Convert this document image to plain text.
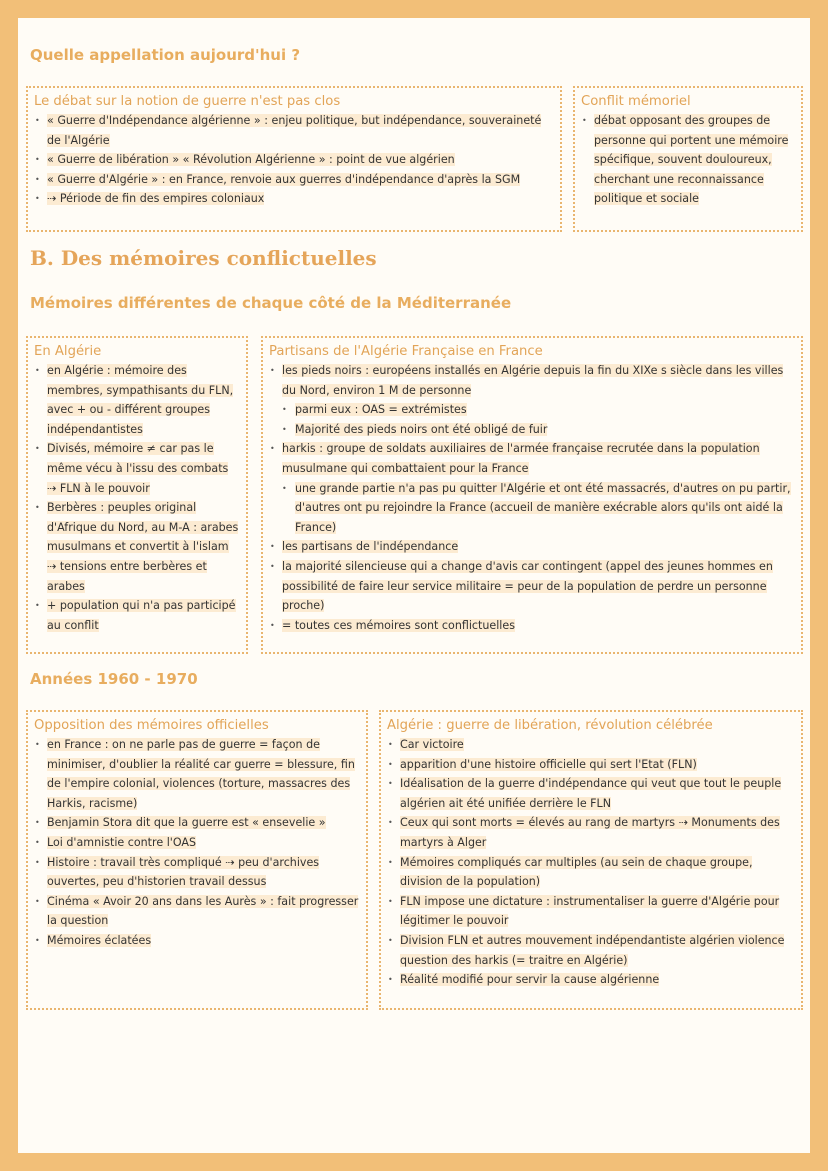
Quelle appellation aujourd'hui ?
Le débat sur la notion de guerre n'est pas clos
• « Guerre d'Indépendance algérienne » : enjeu politique, but indépendance, souveraineté de l'Algérie
• « Guerre de libération » « Révolution Algérienne » : point de vue algérien
• « Guerre d'Algérie » : en France, renvoie aux guerres d'indépendance d'après la SGM
• ⇢ Période de fin des empires coloniaux
Conflit mémoriel
• débat opposant des groupes de personne qui portent une mémoire spécifique, souvent douloureux, cherchant une reconnaissance politique et sociale
B. Des mémoires conflictuelles
Mémoires différentes de chaque côté de la Méditerranée
En Algérie
• en Algérie : mémoire des membres, sympathisants du FLN, avec + ou - différent groupes indépendantistes
• Divisés, mémoire ≠ car pas le même vécu à l'issu des combats ⇢ FLN à le pouvoir
• Berbères : peuples original d'Afrique du Nord, au M-A : arabes musulmans et convertit à l'islam ⇢ tensions entre berbères et arabes
• + population qui n'a pas participé au conflit
Partisans de l'Algérie Française en France
• les pieds noirs : européens installés en Algérie depuis la fin du XIXe s siècle dans les villes du Nord, environ 1 M de personne
• parmi eux : OAS = extrémistes
• Majorité des pieds noirs ont été obligé de fuir
• harkis : groupe de soldats auxiliaires de l'armée française recrutée dans la population musulmane qui combattaient pour la France
• une grande partie n'a pas pu quitter l'Algérie et ont été massacrés, d'autres on pu partir, d'autres ont pu rejoindre la France (accueil de manière exécrable alors qu'ils ont aidé la France)
• les partisans de l'indépendance
• la majorité silencieuse qui a change d'avis car contingent (appel des jeunes hommes en possibilité de faire leur service militaire = peur de la population de perdre un personne proche)
• = toutes ces mémoires sont conflictuelles
Années 1960 - 1970
Opposition des mémoires officielles
• en France : on ne parle pas de guerre = façon de minimiser, d'oublier la réalité car guerre = blessure, fin de l'empire colonial, violences (torture, massacres des Harkis, racisme)
• Benjamin Stora dit que la guerre est « ensevelie »
• Loi d'amnistie contre l'OAS
• Histoire : travail très compliqué ⇢ peu d'archives ouvertes, peu d'historien travail dessus
• Cinéma « Avoir 20 ans dans les Aurès » : fait progresser la question
• Mémoires éclatées
Algérie : guerre de libération, révolution célébrée
• Car victoire
• apparition d'une histoire officielle qui sert l'Etat (FLN)
• Idéalisation de la guerre d'indépendance qui veut que tout le peuple algérien ait été unifiée derrière le FLN
• Ceux qui sont morts = élevés au rang de martyrs ⇢ Monuments des martyrs à Alger
• Mémoires compliqués car multiples (au sein de chaque groupe, division de la population)
• FLN impose une dictature : instrumentaliser la guerre d'Algérie pour légitimer le pouvoir
• Division FLN et autres mouvement indépendantiste algérien violence question des harkis (= traitre en Algérie)
• Réalité modifié pour servir la cause algérienne
